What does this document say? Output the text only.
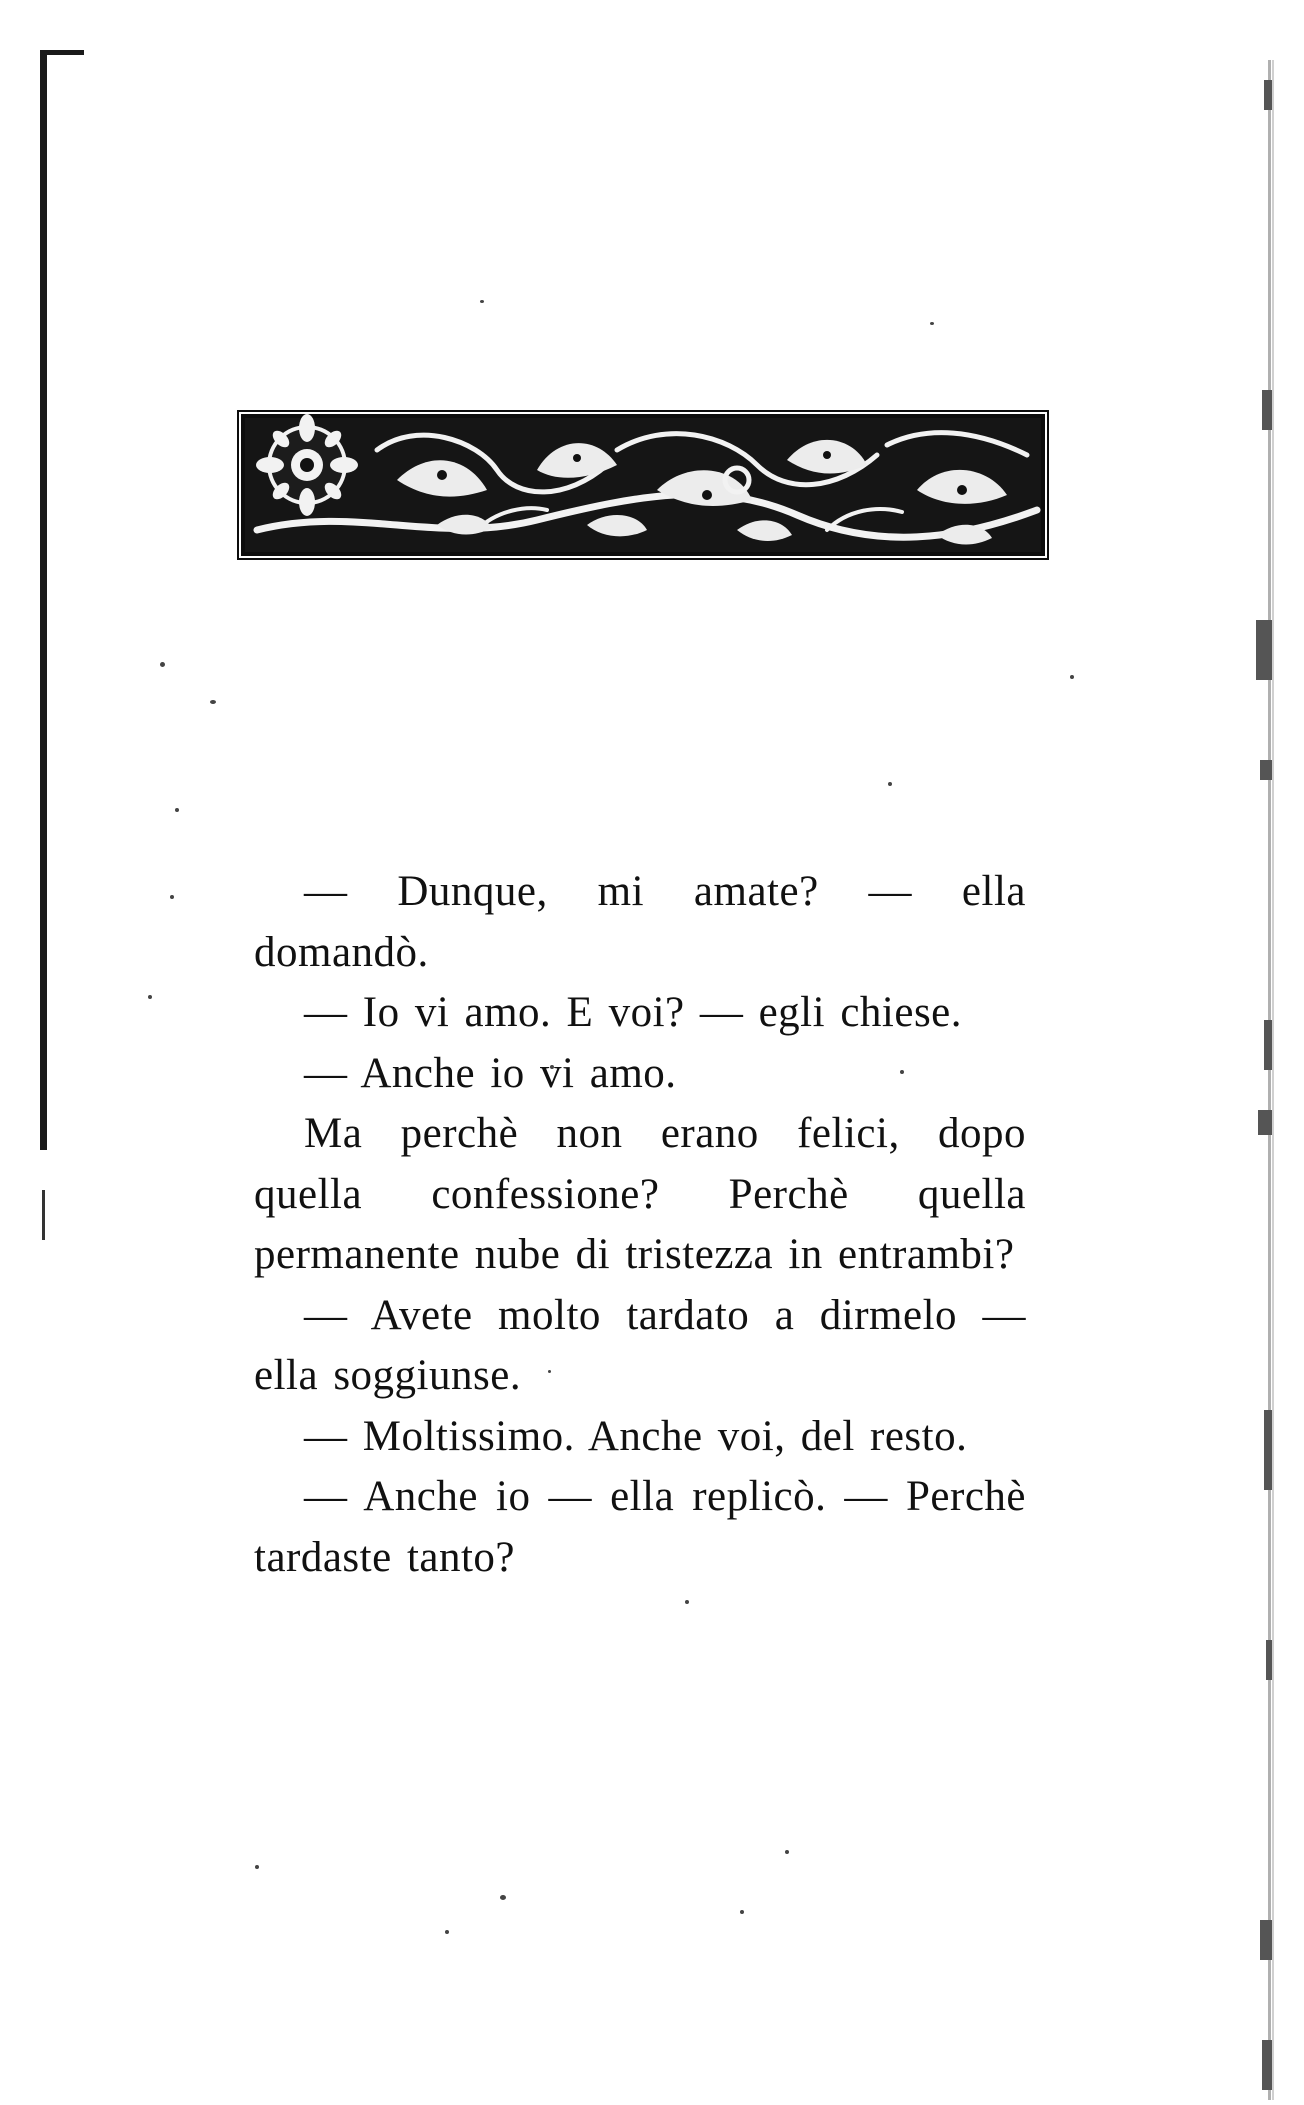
— Dunque, mi amate? — ella domandò.

— Io vi amo. E voi? — egli chiese.

— Anche io vi amo.

Ma perchè non erano felici, dopo quella confessione? Perchè quella permanente nube di tristezza in entrambi?

— Avete molto tardato a dirmelo — ella soggiunse.

— Moltissimo. Anche voi, del resto.

— Anche io — ella replicò. — Perchè tardaste tanto?
